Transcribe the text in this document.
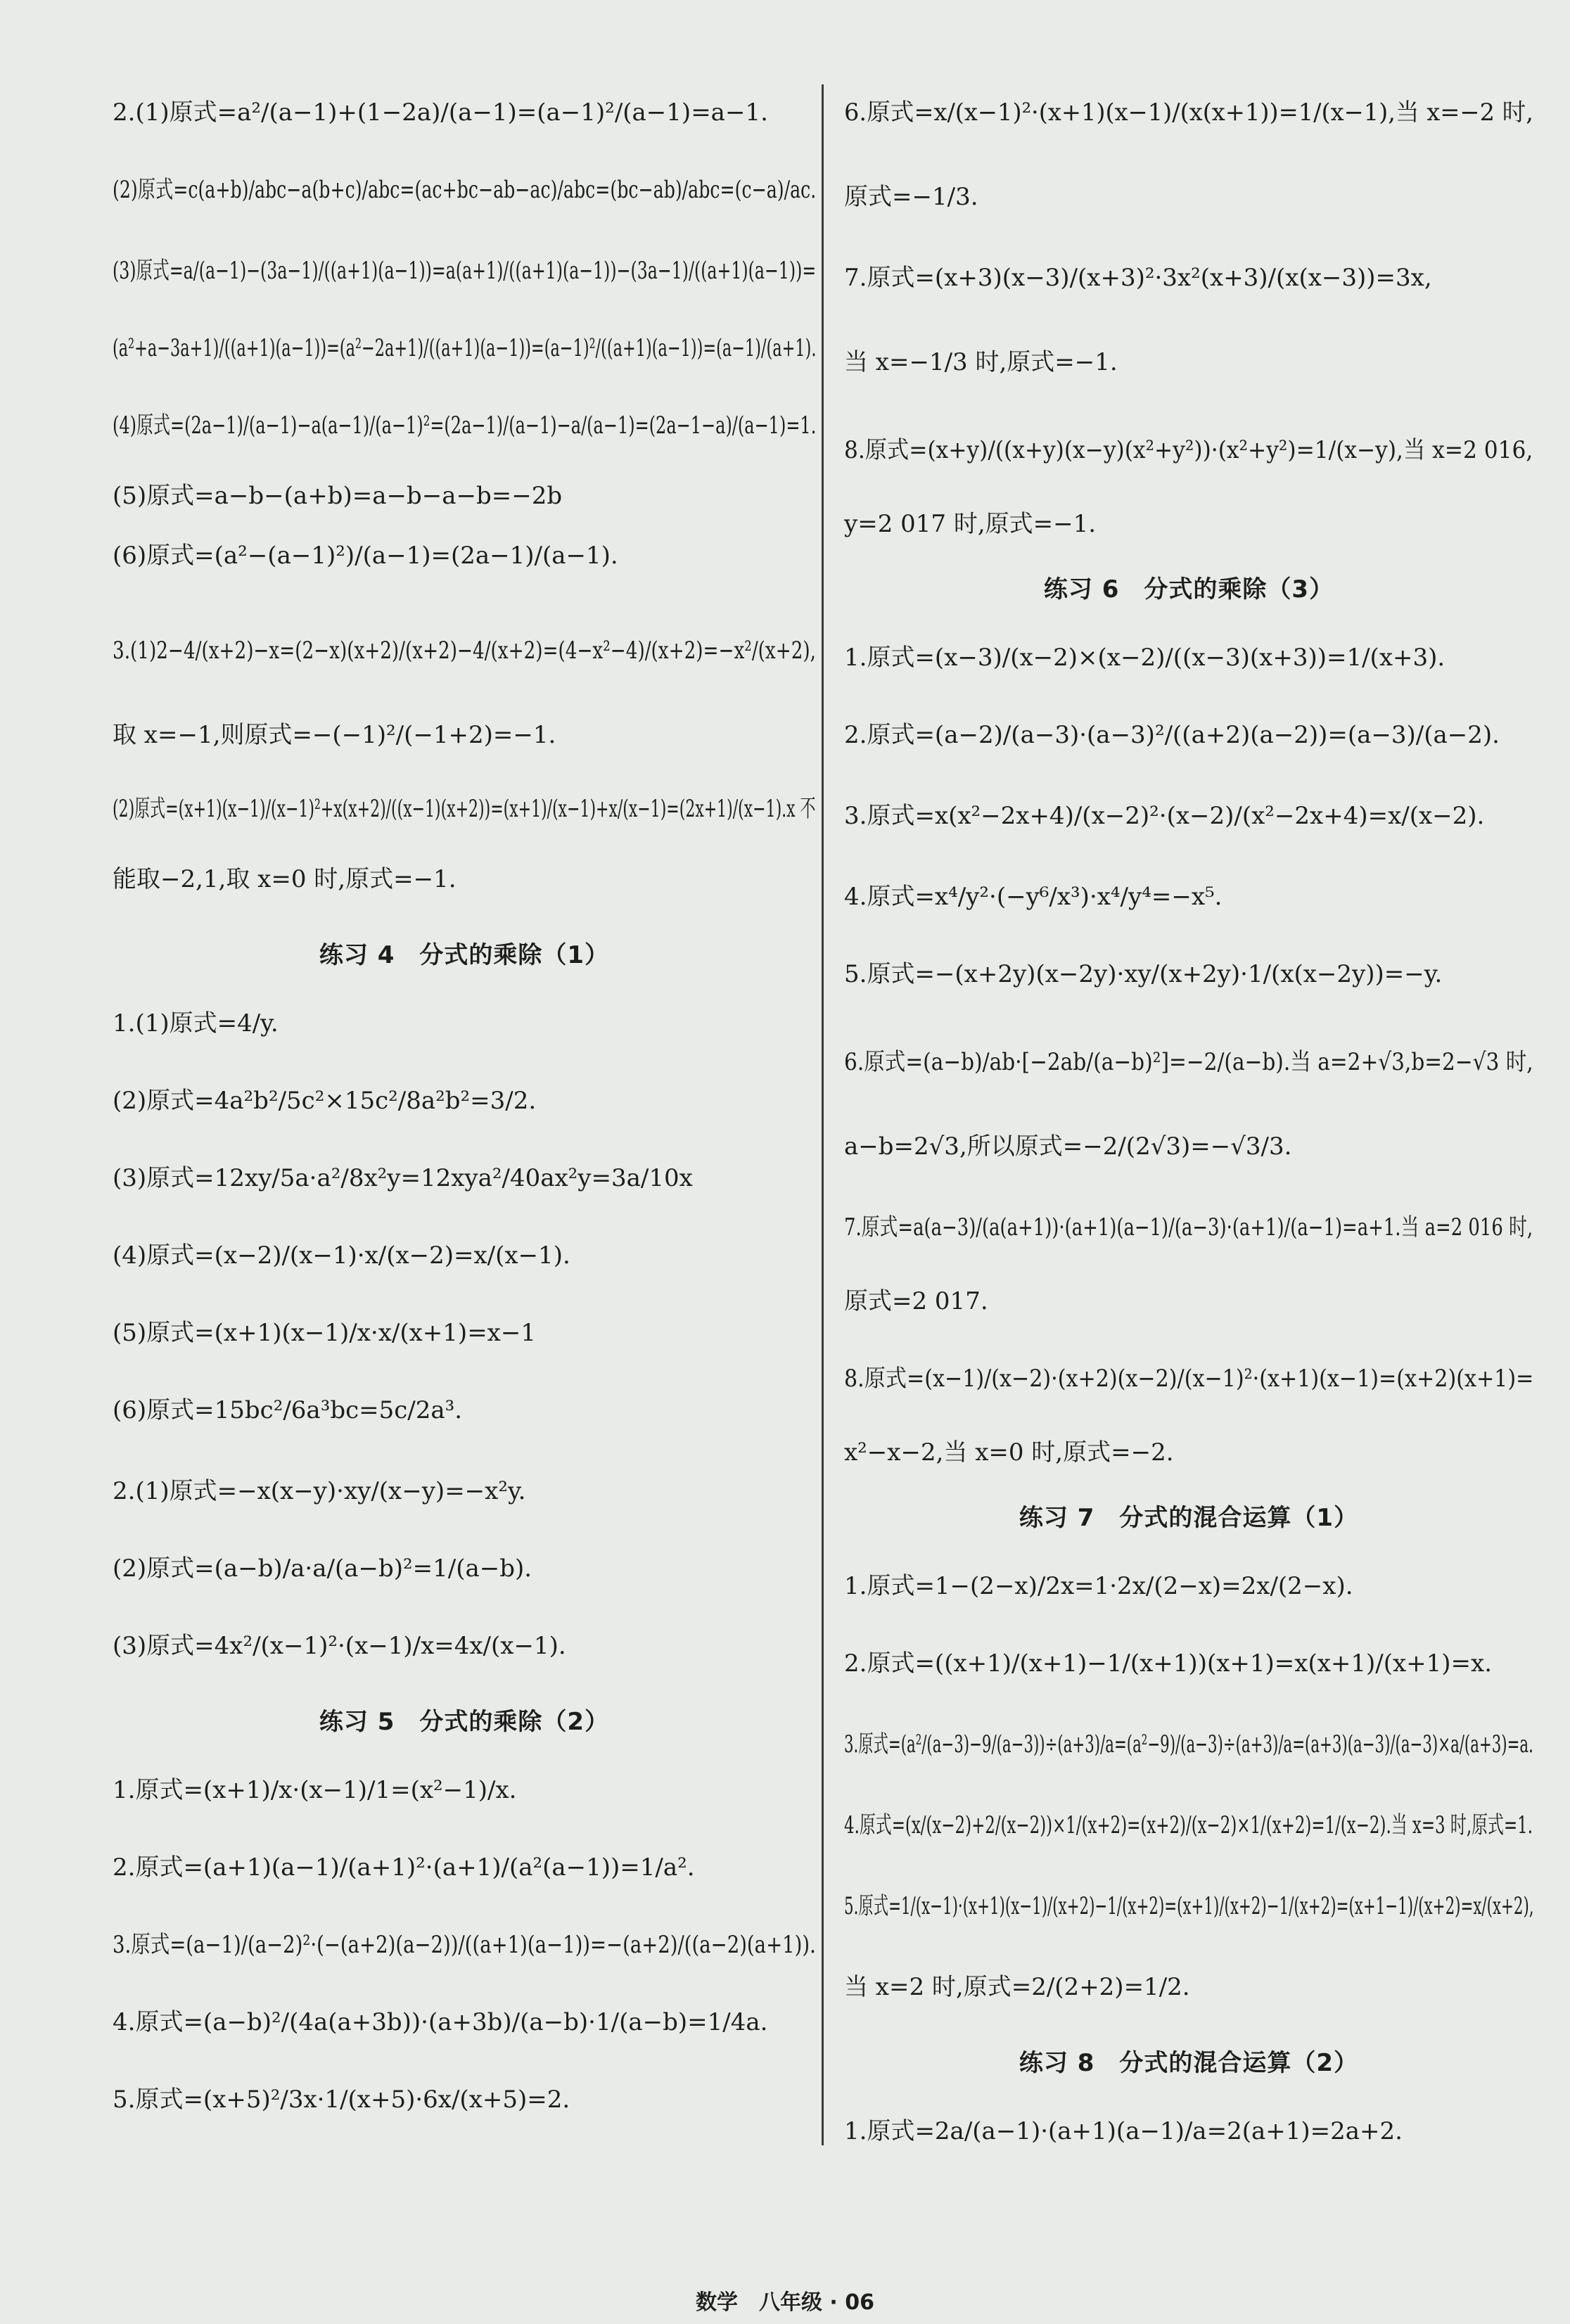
2.(1)原式=a²/(a−1)+(1−2a)/(a−1)=(a−1)²/(a−1)=a−1.
(2)原式=c(a+b)/abc−a(b+c)/abc=(ac+bc−ab−ac)/abc=(bc−ab)/abc=(c−a)/ac.
(3)原式=a/(a−1)−(3a−1)/((a+1)(a−1))=a(a+1)/((a+1)(a−1))−(3a−1)/((a+1)(a−1))=
(a²+a−3a+1)/((a+1)(a−1))=(a²−2a+1)/((a+1)(a−1))=(a−1)²/((a+1)(a−1))=(a−1)/(a+1).
(4)原式=(2a−1)/(a−1)−a(a−1)/(a−1)²=(2a−1)/(a−1)−a/(a−1)=(2a−1−a)/(a−1)=1.
(5)原式=a−b−(a+b)=a−b−a−b=−2b
(6)原式=(a²−(a−1)²)/(a−1)=(2a−1)/(a−1).
3.(1)2−4/(x+2)−x=(2−x)(x+2)/(x+2)−4/(x+2)=(4−x²−4)/(x+2)=−x²/(x+2),
取 x=−1,则原式=−(−1)²/(−1+2)=−1.
(2)原式=(x+1)(x−1)/(x−1)²+x(x+2)/((x−1)(x+2))=(x+1)/(x−1)+x/(x−1)=(2x+1)/(x−1).x 不
能取−2,1,取 x=0 时,原式=−1.
练习 4　分式的乘除（1）
1.(1)原式=4/y.
(2)原式=4a²b²/5c²×15c²/8a²b²=3/2.
(3)原式=12xy/5a·a²/8x²y=12xya²/40ax²y=3a/10x
(4)原式=(x−2)/(x−1)·x/(x−2)=x/(x−1).
(5)原式=(x+1)(x−1)/x·x/(x+1)=x−1
(6)原式=15bc²/6a³bc=5c/2a³.
2.(1)原式=−x(x−y)·xy/(x−y)=−x²y.
(2)原式=(a−b)/a·a/(a−b)²=1/(a−b).
(3)原式=4x²/(x−1)²·(x−1)/x=4x/(x−1).
练习 5　分式的乘除（2）
1.原式=(x+1)/x·(x−1)/1=(x²−1)/x.
2.原式=(a+1)(a−1)/(a+1)²·(a+1)/(a²(a−1))=1/a².
3.原式=(a−1)/(a−2)²·(−(a+2)(a−2))/((a+1)(a−1))=−(a+2)/((a−2)(a+1)).
4.原式=(a−b)²/(4a(a+3b))·(a+3b)/(a−b)·1/(a−b)=1/4a.
5.原式=(x+5)²/3x·1/(x+5)·6x/(x+5)=2.
6.原式=x/(x−1)²·(x+1)(x−1)/(x(x+1))=1/(x−1),当 x=−2 时,
原式=−1/3.
7.原式=(x+3)(x−3)/(x+3)²·3x²(x+3)/(x(x−3))=3x,
当 x=−1/3 时,原式=−1.
8.原式=(x+y)/((x+y)(x−y)(x²+y²))·(x²+y²)=1/(x−y),当 x=2 016,
y=2 017 时,原式=−1.
练习 6　分式的乘除（3）
1.原式=(x−3)/(x−2)×(x−2)/((x−3)(x+3))=1/(x+3).
2.原式=(a−2)/(a−3)·(a−3)²/((a+2)(a−2))=(a−3)/(a−2).
3.原式=x(x²−2x+4)/(x−2)²·(x−2)/(x²−2x+4)=x/(x−2).
4.原式=x⁴/y²·(−y⁶/x³)·x⁴/y⁴=−x⁵.
5.原式=−(x+2y)(x−2y)·xy/(x+2y)·1/(x(x−2y))=−y.
6.原式=(a−b)/ab·[−2ab/(a−b)²]=−2/(a−b).当 a=2+√3,b=2−√3 时,
a−b=2√3,所以原式=−2/(2√3)=−√3/3.
7.原式=a(a−3)/(a(a+1))·(a+1)(a−1)/(a−3)·(a+1)/(a−1)=a+1.当 a=2 016 时,
原式=2 017.
8.原式=(x−1)/(x−2)·(x+2)(x−2)/(x−1)²·(x+1)(x−1)=(x+2)(x+1)=
x²−x−2,当 x=0 时,原式=−2.
练习 7　分式的混合运算（1）
1.原式=1−(2−x)/2x=1·2x/(2−x)=2x/(2−x).
2.原式=((x+1)/(x+1)−1/(x+1))(x+1)=x(x+1)/(x+1)=x.
3.原式=(a²/(a−3)−9/(a−3))÷(a+3)/a=(a²−9)/(a−3)÷(a+3)/a=(a+3)(a−3)/(a−3)×a/(a+3)=a.
4.原式=(x/(x−2)+2/(x−2))×1/(x+2)=(x+2)/(x−2)×1/(x+2)=1/(x−2).当 x=3 时,原式=1.
5.原式=1/(x−1)·(x+1)(x−1)/(x+2)−1/(x+2)=(x+1)/(x+2)−1/(x+2)=(x+1−1)/(x+2)=x/(x+2),
当 x=2 时,原式=2/(2+2)=1/2.
练习 8　分式的混合运算（2）
1.原式=2a/(a−1)·(a+1)(a−1)/a=2(a+1)=2a+2.
数学　八年级 · 06
